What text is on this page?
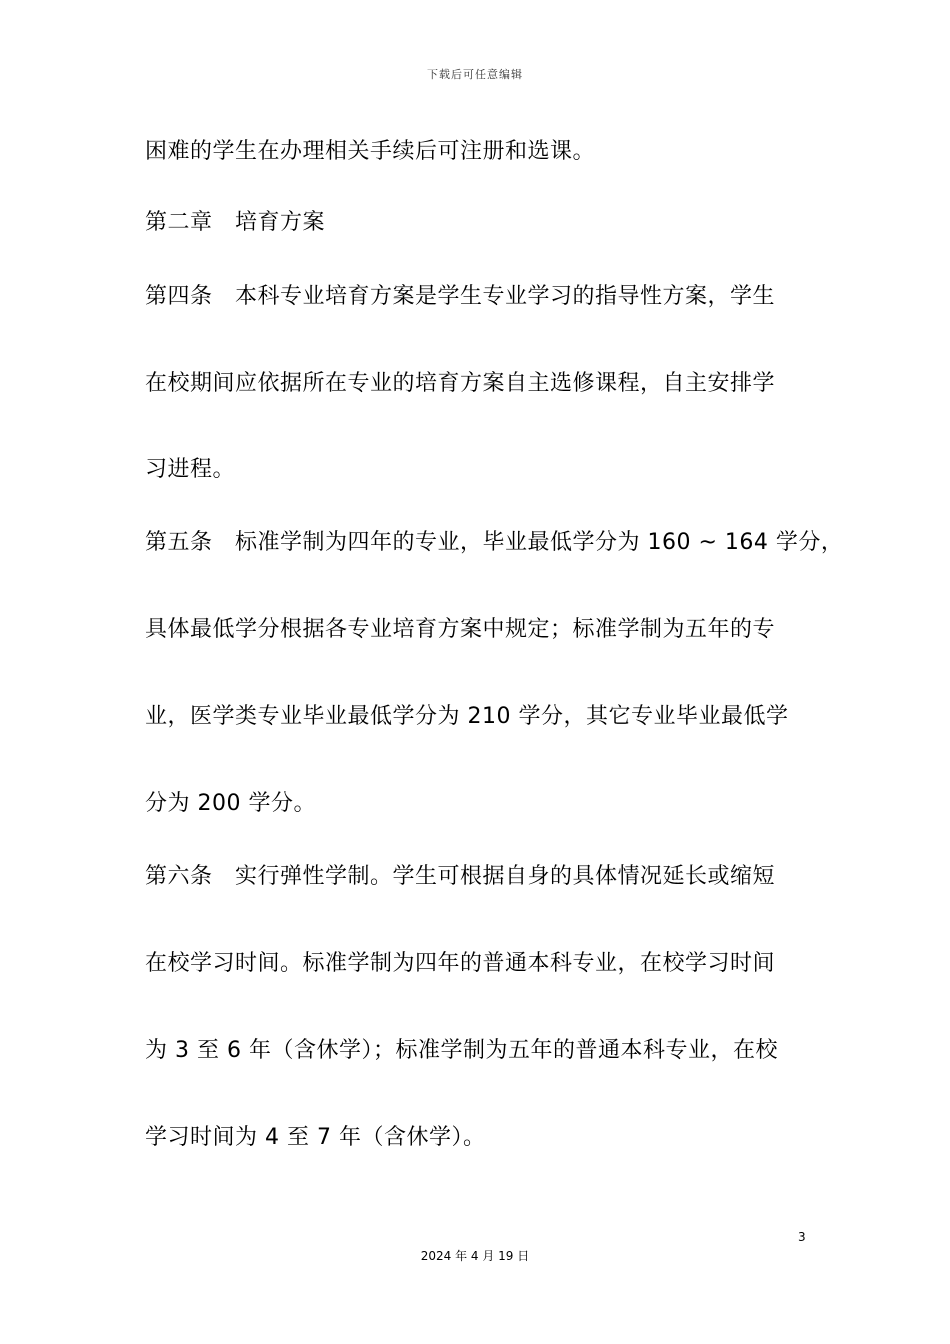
下载后可任意编辑
困难的学生在办理相关手续后可注册和选课。
第二章　培育方案
第四条　本科专业培育方案是学生专业学习的指导性方案，学生
在校期间应依据所在专业的培育方案自主选修课程，自主安排学
习进程。
第五条　标准学制为四年的专业，毕业最低学分为 160 ~ 164 学分，
具体最低学分根据各专业培育方案中规定；标准学制为五年的专
业，医学类专业毕业最低学分为 210 学分，其它专业毕业最低学
分为 200 学分。
第六条　实行弹性学制。学生可根据自身的具体情况延长或缩短
在校学习时间。标准学制为四年的普通本科专业，在校学习时间
为 3 至 6 年（含休学）；标准学制为五年的普通本科专业，在校
学习时间为 4 至 7 年（含休学）。
3
2024 年 4 月 19 日
